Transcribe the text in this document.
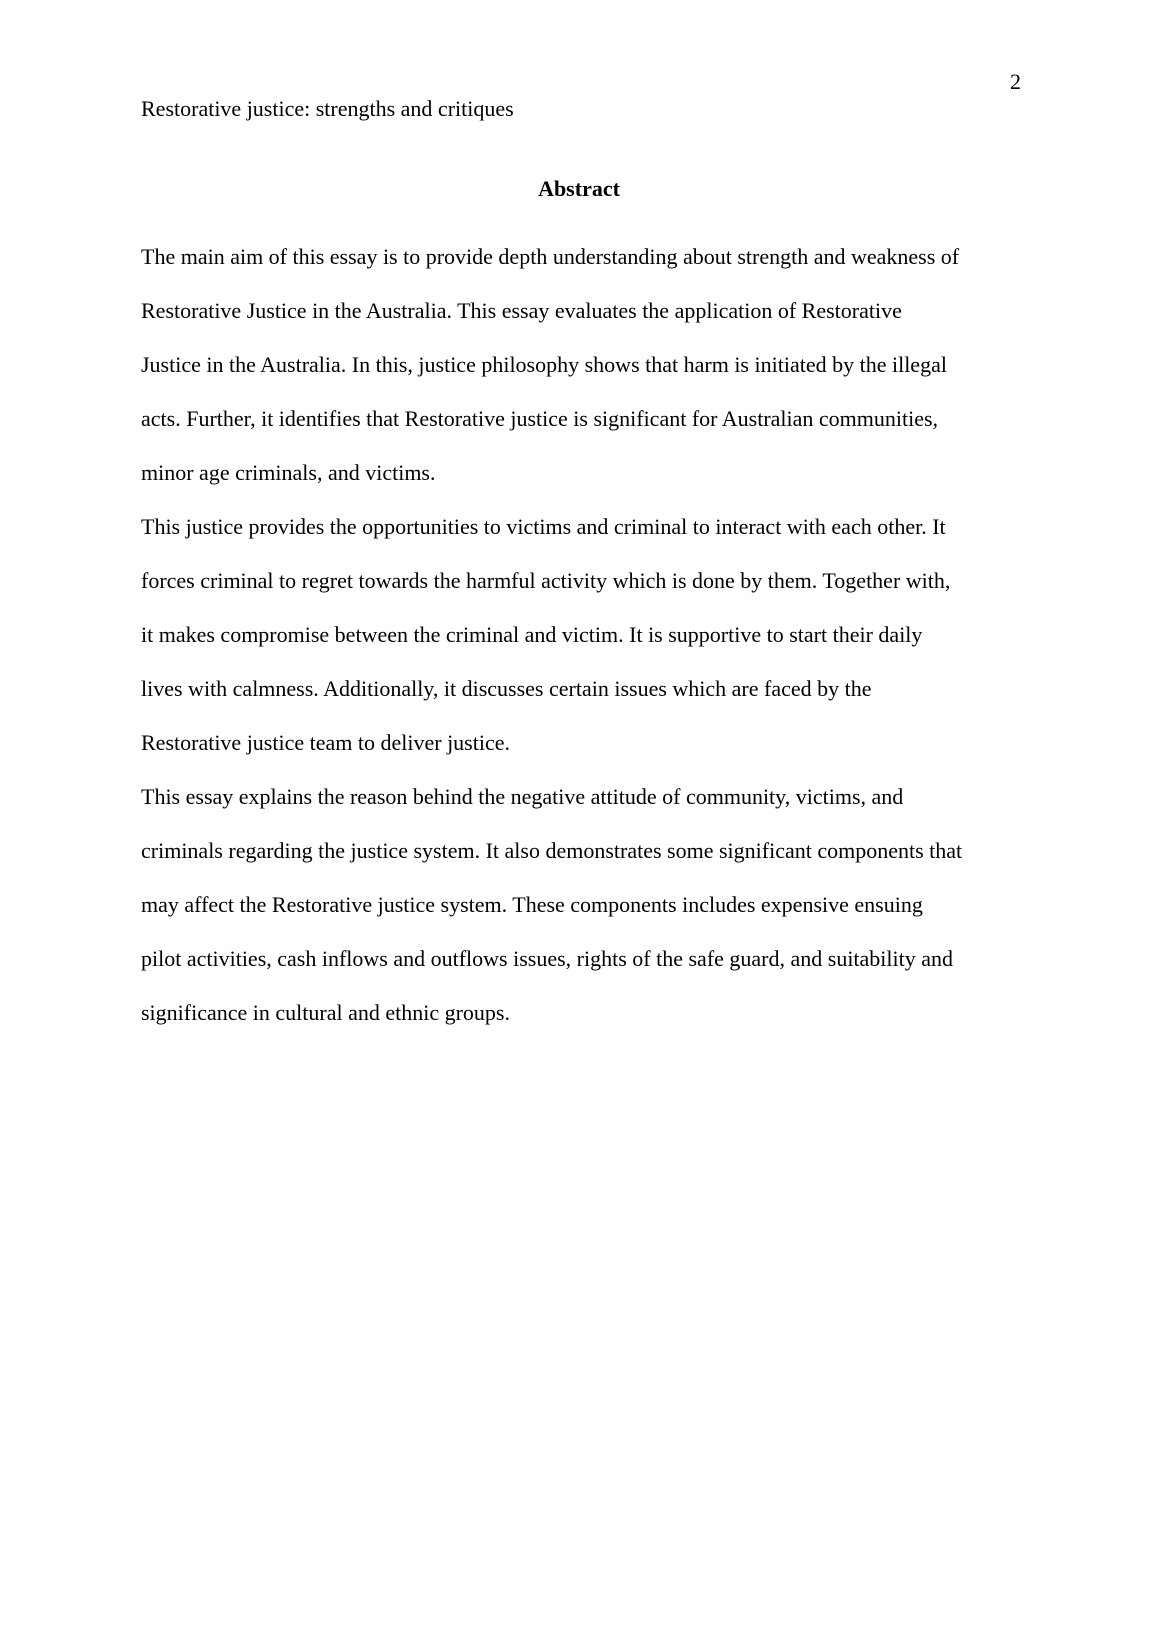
2
Restorative justice: strengths and critiques
Abstract
The main aim of this essay is to provide depth understanding about strength and weakness of
Restorative Justice in the Australia. This essay evaluates the application of Restorative
Justice in the Australia. In this, justice philosophy shows that harm is initiated by the illegal
acts. Further, it identifies that Restorative justice is significant for Australian communities,
minor age criminals, and victims.
This justice provides the opportunities to victims and criminal to interact with each other. It
forces criminal to regret towards the harmful activity which is done by them. Together with,
it makes compromise between the criminal and victim. It is supportive to start their daily
lives with calmness. Additionally, it discusses certain issues which are faced by the
Restorative justice team to deliver justice.
This essay explains the reason behind the negative attitude of community, victims, and
criminals regarding the justice system. It also demonstrates some significant components that
may affect the Restorative justice system. These components includes expensive ensuing
pilot activities, cash inflows and outflows issues, rights of the safe guard, and suitability and
significance in cultural and ethnic groups.
